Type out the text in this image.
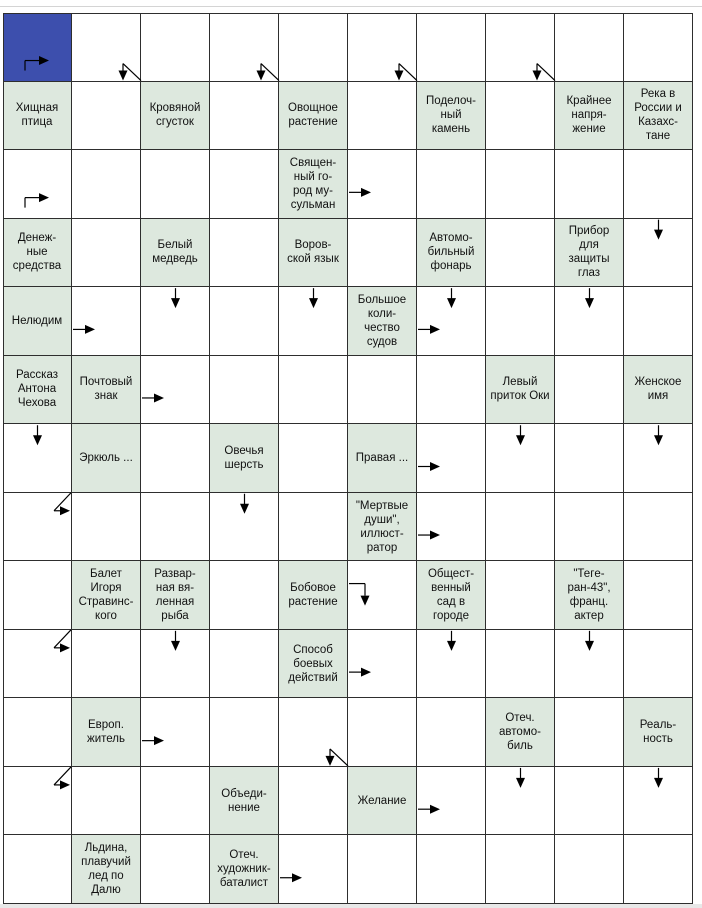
Хищная
птица
Кровяной
сгусток
Овощное
растение
Поделоч-
ный
камень
Крайнее
напря-
жение
Река в
России и
Казахс-
тане
Священ-
ный го-
род му-
сульман
Денеж-
ные
средства
Белый
медведь
Воров-
ской язык
Автомо-
бильный
фонарь
Прибор
для
защиты
глаз
Нелюдим
Большое
коли-
чество
судов
Рассказ
Антона
Чехова
Почтовый
знак
Левый
приток Оки
Женское
имя
Эркюль ...
Овечья
шерсть
Правая ...
"Мертвые
души",
иллюст-
ратор
Балет
Игоря
Стравинс-
кого
Развар-
ная вя-
ленная
рыба
Бобовое
растение
Общест-
венный
сад в
городе
"Тегe-
ран-43",
франц.
актер
Способ
боевых
действий
Европ.
житель
Отеч.
автомо-
биль
Реаль-
ность
Объеди-
нение
Желание
Льдина,
плавучий
лед по
Далю
Отеч.
художник-
баталист
